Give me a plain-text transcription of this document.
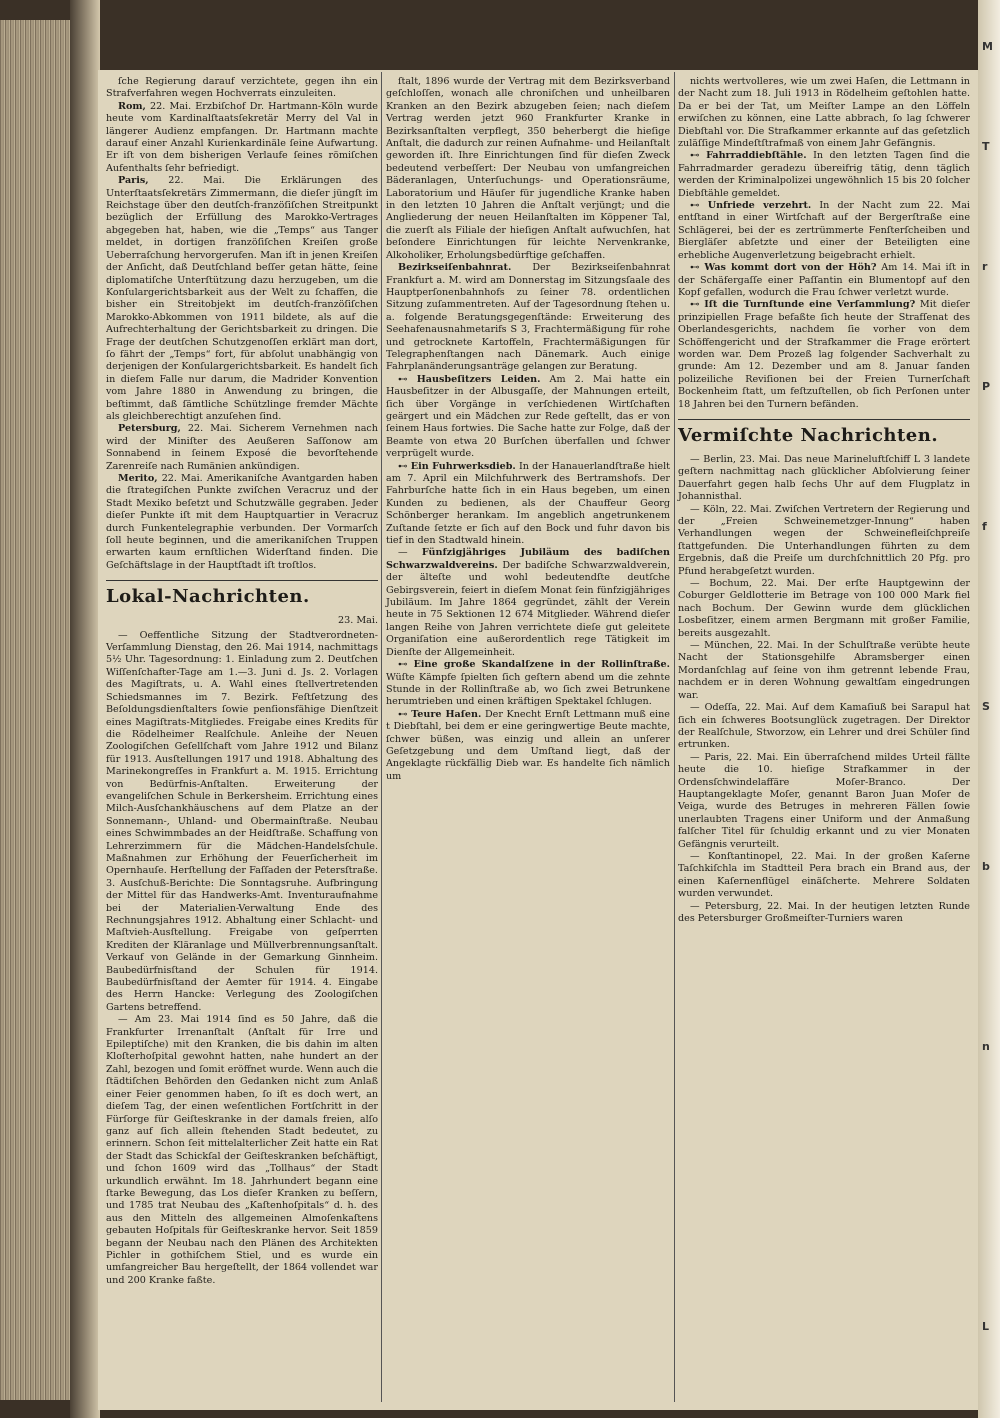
ſche Regierung darauf verzichtete, gegen ihn ein Strafverfahren wegen Hochverrats einzuleiten.

Rom, 22. Mai. Erzbiſchof Dr. Hartmann-Köln wurde heute vom Kardinalſtaatsſekretär Merry del Val in längerer Audienz empfangen. Dr. Hartmann machte darauf einer Anzahl Kurienkardinäle ſeine Aufwartung. Er iſt von dem bisherigen Verlaufe ſeines römiſchen Aufenthalts ſehr befriedigt.

Paris, 22. Mai. Die Erklärungen des Unterſtaatsſekretärs Zimmermann, die dieſer jüngſt im Reichstage über den deutſch-franzöſiſchen Streitpunkt bezüglich der Erfüllung des Marokko-Vertrages abgegeben hat, haben, wie die „Temps“ aus Tanger meldet, in dortigen franzöſiſchen Kreiſen große Ueberraſchung hervorgerufen. Man iſt in jenen Kreiſen der Anſicht, daß Deutſchland beſſer getan hätte, ſeine diplomatiſche Unterſtützung dazu herzugeben, um die Konſulargerichtsbarkeit aus der Welt zu ſchaffen, die bisher ein Streitobjekt im deutſch-franzöſiſchen Marokko-Abkommen von 1911 bildete, als auf die Aufrechterhaltung der Gerichtsbarkeit zu dringen. Die Frage der deutſchen Schutzgenoſſen erklärt man dort, ſo fährt der „Temps“ fort, für abſolut unabhängig von derjenigen der Konſulargerichtsbarkeit. Es handelt ſich in dieſem Falle nur darum, die Madrider Konvention vom Jahre 1880 in Anwendung zu bringen, die beſtimmt, daß ſämtliche Schützlinge fremder Mächte als gleichberechtigt anzuſehen ſind.

Petersburg, 22. Mai. Sicherem Vernehmen nach wird der Miniſter des Aeußeren Saſſonow am Sonnabend in ſeinem Exposé die bevorſtehende Zarenreiſe nach Rumänien ankündigen.

Merito, 22. Mai. Amerikaniſche Avantgarden haben die ſtrategiſchen Punkte zwiſchen Veracruz und der Stadt Mexiko beſetzt und Schutzwälle gegraben. Jeder dieſer Punkte iſt mit dem Hauptquartier in Veracruz durch Funkentelegraphie verbunden. Der Vormarſch ſoll heute beginnen, und die amerikaniſchen Truppen erwarten kaum ernſtlichen Widerſtand finden. Die Geſchäftslage in der Hauptſtadt iſt troſtlos.

Lokal-Nachrichten.
23. Mai.

— Oeffentliche Sitzung der Stadtverordneten-Verſammlung Dienstag, den 26. Mai 1914, nachmittags 5½ Uhr. Tagesordnung: 1. Einladung zum 2. Deutſchen Wiſſenſchafter-Tage am 1.—3. Juni d. Js. 2. Vorlagen des Magiſtrats, u. A. Wahl eines ſtellvertretenden Schiedsmannes im 7. Bezirk. Feſtſetzung des Beſoldungsdienſtalters ſowie penſionsfähige Dienſtzeit eines Magiſtrats-Mitgliedes. Freigabe eines Kredits für die Rödelheimer Realſchule. Anleihe der Neuen Zoologiſchen Geſellſchaft vom Jahre 1912 und Bilanz für 1913. Ausſtellungen 1917 und 1918. Abhaltung des Marinekongreſſes in Frankfurt a. M. 1915. Errichtung von Bedürfnis-Anſtalten. Erweiterung der evangeliſchen Schule in Berkersheim. Errichtung eines Milch-Ausſchankhäuschens auf dem Platze an der Sonnemann-, Uhland- und Obermainſtraße. Neubau eines Schwimmbades an der Heidſtraße. Schaffung von Lehrerzimmern für die Mädchen-Handelsſchule. Maßnahmen zur Erhöhung der Feuerſicherheit im Opernhauſe. Herſtellung der Faſſaden der Petersſtraße. 3. Ausſchuß-Berichte: Die Sonntagsruhe. Aufbringung der Mittel für das Handwerks-Amt. Inventuraufnahme bei der Materialien-Verwaltung Ende des Rechnungsjahres 1912. Abhaltung einer Schlacht- und Maſtvieh-Ausſtellung. Freigabe von geſperrten Krediten der Kläranlage und Müllverbrennungsanſtalt. Verkauf von Gelände in der Gemarkung Ginnheim. Baubedürfnisſtand der Schulen für 1914. Baubedürfnisſtand der Aemter für 1914. 4. Eingabe des Herrn Hancke: Verlegung des Zoologiſchen Gartens betreffend.

— Am 23. Mai 1914 ſind es 50 Jahre, daß die Frankfurter Irrenanſtalt (Anſtalt für Irre und Epileptiſche) mit den Kranken, die bis dahin im alten Kloſterhoſpital gewohnt hatten, nahe hundert an der Zahl, bezogen und ſomit eröffnet wurde. Wenn auch die ſtädtiſchen Behörden den Gedanken nicht zum Anlaß einer Feier genommen haben, ſo iſt es doch wert, an dieſem Tag, der einen weſentlichen Fortſchritt in der Fürſorge für Geiſteskranke in der damals freien, alſo ganz auf ſich allein ſtehenden Stadt bedeutet, zu erinnern. Schon ſeit mittelalterlicher Zeit hatte ein Rat der Stadt das Schickſal der Geiſteskranken beſchäftigt, und ſchon 1609 wird das „Tollhaus“ der Stadt urkundlich erwähnt. Im 18. Jahrhundert begann eine ſtarke Bewegung, das Los dieſer Kranken zu beſſern, und 1785 trat Neubau des „Kaſtenhoſpitals“ d. h. des aus den Mitteln des allgemeinen Almoſenkaſtens gebauten Hoſpitals für Geiſteskranke hervor. Seit 1859 begann der Neubau nach den Plänen des Architekten Pichler in gothiſchem Stiel, und es wurde ein umfangreicher Bau hergeſtellt, der 1864 vollendet war und 200 Kranke faßte.

ſtalt, 1896 wurde der Vertrag mit dem Bezirksverband geſchloſſen, wonach alle chroniſchen und unheilbaren Kranken an den Bezirk abzugeben ſeien; nach dieſem Vertrag werden jetzt 960 Frankfurter Kranke in Bezirksanſtalten verpflegt, 350 beherbergt die hieſige Anſtalt, die dadurch zur reinen Aufnahme- und Heilanſtalt geworden iſt. Ihre Einrichtungen ſind für dieſen Zweck bedeutend verbeſſert: Der Neubau von umfangreichen Bäderanlagen, Unterſuchungs- und Operationsräume, Laboratorium und Häuſer für jugendliche Kranke haben in den letzten 10 Jahren die Anſtalt verjüngt; und die Angliederung der neuen Heilanſtalten im Köppener Tal, die zuerſt als Filiale der hieſigen Anſtalt aufwuchſen, hat beſondere Einrichtungen für leichte Nervenkranke, Alkoholiker, Erholungsbedürftige geſchaffen.

Bezirkseiſenbahnrat. Der Bezirkseiſenbahnrat Frankfurt a. M. wird am Donnerstag im Sitzungsſaale des Hauptperſonenbahnhofs zu ſeiner 78. ordentlichen Sitzung zuſammentreten. Auf der Tagesordnung ſtehen u. a. folgende Beratungsgegenſtände: Erweiterung des Seehafenausnahmetarifs S 3, Frachtermäßigung für rohe und getrocknete Kartoffeln, Frachtermäßigungen für Telegraphenſtangen nach Dänemark. Auch einige Fahrplanänderungsanträge gelangen zur Beratung.

⊷ Hausbeſitzers Leiden. Am 2. Mai hatte ein Hausbeſitzer in der Albusgaſſe, der Mahnungen erteilt, ſich über Vorgänge in verſchiedenen Wirtſchaften geärgert und ein Mädchen zur Rede geſtellt, das er von ſeinem Haus fortwies. Die Sache hatte zur Folge, daß der Beamte von etwa 20 Burſchen überfallen und ſchwer verprügelt wurde.

⊷ Ein Fuhrwerksdieb. In der Hanauerlandſtraße hielt am 7. April ein Milchfuhrwerk des Bertramshofs. Der Fahrburſche hatte ſich in ein Haus begeben, um einen Kunden zu bedienen, als der Chauffeur Georg Schönberger herankam. Im angeblich angetrunkenem Zuſtande ſetzte er ſich auf den Bock und fuhr davon bis tief in den Stadtwald hinein.

— Fünfzigjähriges Jubiläum des badiſchen Schwarzwaldvereins. Der badiſche Schwarzwaldverein, der älteſte und wohl bedeutendſte deutſche Gebirgsverein, feiert in dieſem Monat ſein fünfzigjähriges Jubiläum. Im Jahre 1864 gegründet, zählt der Verein heute in 75 Sektionen 12 674 Mitglieder. Während dieſer langen Reihe von Jahren verrichtete dieſe gut geleitete Organiſation eine außerordentlich rege Tätigkeit im Dienſte der Allgemeinheit.

⊷ Eine große Skandalſzene in der Rollinſtraße. Wüſte Kämpfe ſpielten ſich geſtern abend um die zehnte Stunde in der Rollinſtraße ab, wo ſich zwei Betrunkene herumtrieben und einen kräftigen Spektakel ſchlugen.

⊷ Teure Haſen. Der Knecht Ernſt Lettmann muß eine t Diebſtahl, bei dem er eine geringwertige Beute machte, ſchwer büßen, was einzig und allein an unſerer Geſetzgebung und dem Umſtand liegt, daß der Angeklagte rückfällig Dieb war. Es handelte ſich nämlich um

nichts wertvolleres, wie um zwei Haſen, die Lettmann in der Nacht zum 18. Juli 1913 in Rödelheim geſtohlen hatte. Da er bei der Tat, um Meiſter Lampe an den Löffeln erwiſchen zu können, eine Latte abbrach, ſo lag ſchwerer Diebſtahl vor. Die Strafkammer erkannte auf das geſetzlich zuläſſige Mindeſtſtrafmaß von einem Jahr Gefängnis.

⊷ Fahrraddiebſtähle. In den letzten Tagen ſind die Fahrradmarder geradezu übereifrig tätig, denn täglich werden der Kriminalpolizei ungewöhnlich 15 bis 20 ſolcher Diebſtähle gemeldet.

⊷ Unfriede verzehrt. In der Nacht zum 22. Mai entſtand in einer Wirtſchaft auf der Bergerſtraße eine Schlägerei, bei der es zertrümmerte Fenſterſcheiben und Biergläſer abſetzte und einer der Beteiligten eine erhebliche Augenverletzung beigebracht erhielt.

⊷ Was kommt dort von der Höh? Am 14. Mai iſt in der Schäfergaſſe einer Paſſantin ein Blumentopf auf den Kopf gefallen, wodurch die Frau ſchwer verletzt wurde.

⊷ Iſt die Turnſtunde eine Verſammlung? Mit dieſer prinzipiellen Frage befaßte ſich heute der Strafſenat des Oberlandesgerichts, nachdem ſie vorher von dem Schöffengericht und der Strafkammer die Frage erörtert worden war. Dem Prozeß lag folgender Sachverhalt zu grunde: Am 12. Dezember und am 8. Januar ſanden polizeiliche Reviſionen bei der Freien Turnerſchaft Bockenheim ſtatt, um feſtzuſtellen, ob ſich Perſonen unter 18 Jahren bei den Turnern befänden.

Vermiſchte Nachrichten.

— Berlin, 23. Mai. Das neue Marineluftſchiff L 3 landete geſtern nachmittag nach glücklicher Abſolvierung ſeiner Dauerfahrt gegen halb ſechs Uhr auf dem Flugplatz in Johannisthal.

— Köln, 22. Mai. Zwiſchen Vertretern der Regierung und der „Freien Schweinemetzger-Innung“ haben Verhandlungen wegen der Schweinefleiſchpreiſe ſtattgefunden. Die Unterhandlungen führten zu dem Ergebnis, daß die Preiſe um durchſchnittlich 20 Pfg. pro Pfund herabgeſetzt wurden.

— Bochum, 22. Mai. Der erſte Hauptgewinn der Coburger Geldlotterie im Betrage von 100 000 Mark fiel nach Bochum. Der Gewinn wurde dem glücklichen Losbeſitzer, einem armen Bergmann mit großer Familie, bereits ausgezahlt.

— München, 22. Mai. In der Schulſtraße verübte heute Nacht der Stationsgehilfe Abramsberger einen Mordanſchlag auf ſeine von ihm getrennt lebende Frau, nachdem er in deren Wohnung gewaltſam eingedrungen war.

— Odeſſa, 22. Mai. Auf dem Kamaſiuß bei Sarapul hat ſich ein ſchweres Bootsunglück zugetragen. Der Direktor der Realſchule, Stworzow, ein Lehrer und drei Schüler ſind ertrunken.

— Paris, 22. Mai. Ein überraſchend mildes Urteil fällte heute die 10. hieſige Strafkammer in der Ordensſchwindelaffäre Moſer-Branco. Der Hauptangeklagte Moſer, genannt Baron Juan Moſer de Veiga, wurde des Betruges in mehreren Fällen ſowie unerlaubten Tragens einer Uniform und der Anmaßung falſcher Titel für ſchuldig erkannt und zu vier Monaten Gefängnis verurteilt.

— Konſtantinopel, 22. Mai. In der großen Kaſerne Taſchkiſchla im Stadtteil Pera brach ein Brand aus, der einen Kaſernenflügel einäſcherte. Mehrere Soldaten wurden verwundet.

— Petersburg, 22. Mai. In der heutigen letzten Runde des Petersburger Großmeiſter-Turniers waren

M
T
r
P
f
S
b
n
L
